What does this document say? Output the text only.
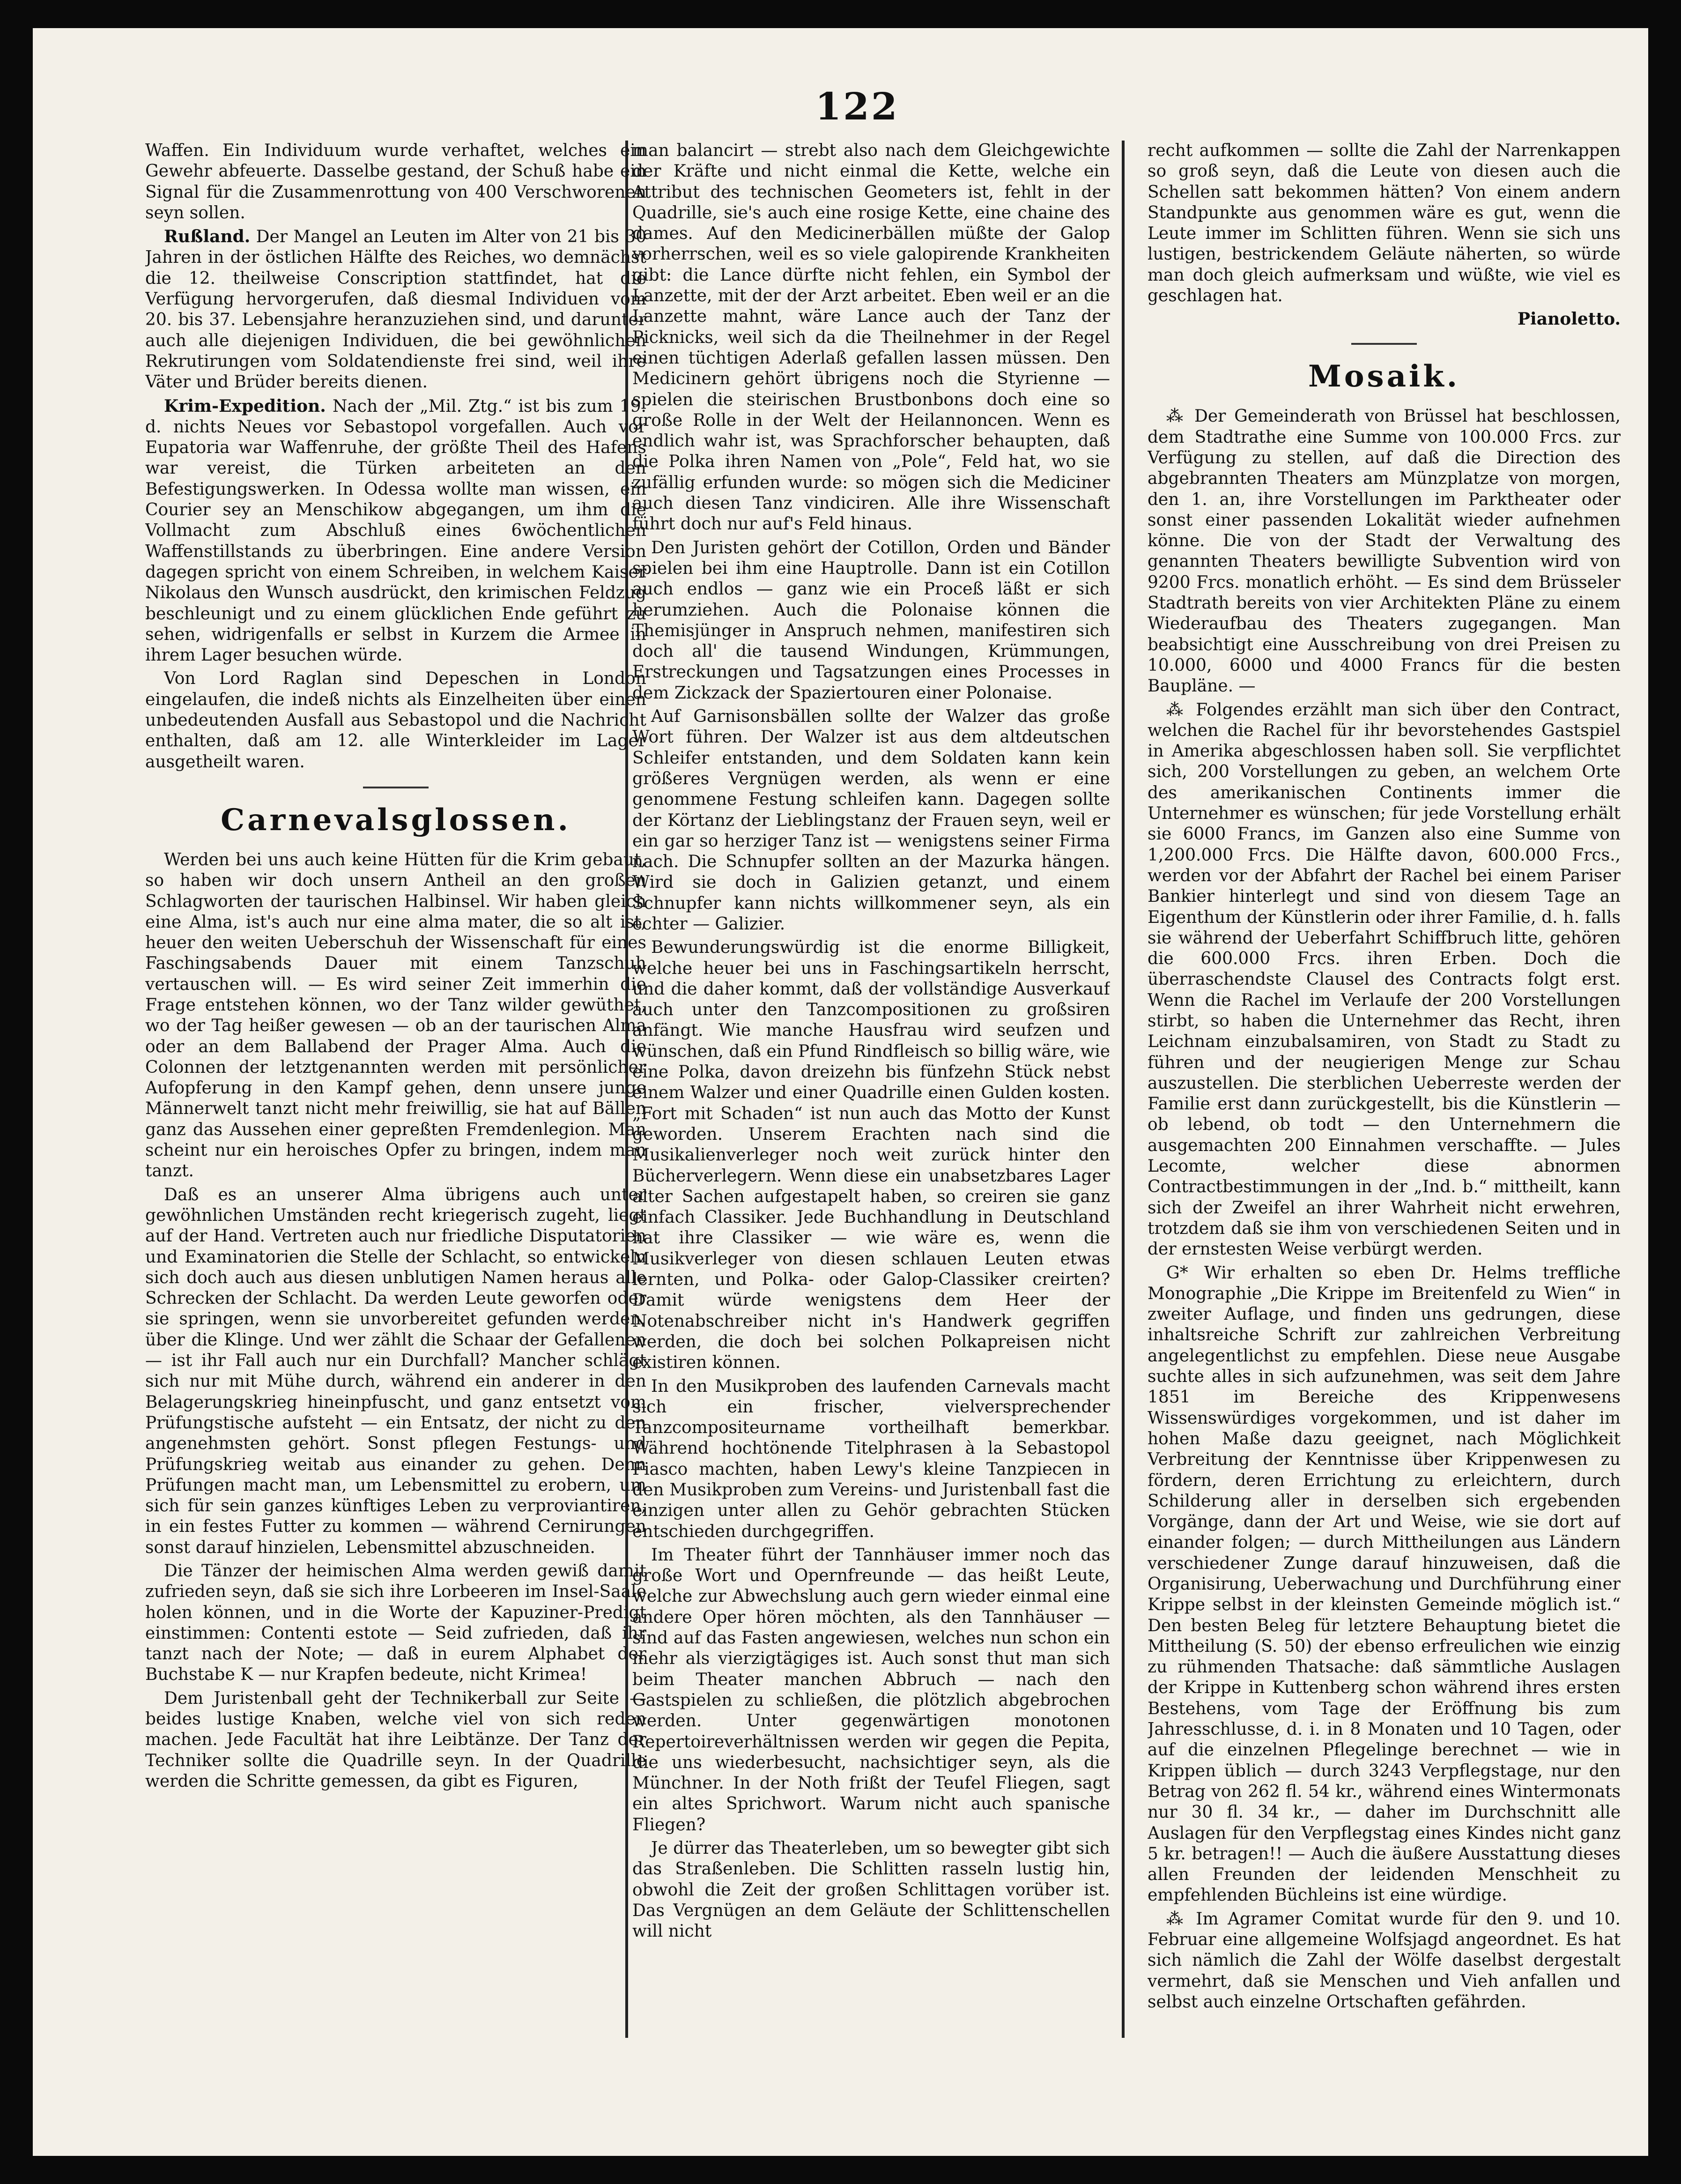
122

Waffen. Ein Individuum wurde verhaftet, welches ein Gewehr abfeuerte. Dasselbe gestand, der Schuß habe ein Signal für die Zusammenrottung von 400 Verschworenen seyn sollen.

Rußland. Der Mangel an Leuten im Alter von 21 bis 30 Jahren in der östlichen Hälfte des Reiches, wo demnächst die 12. theilweise Conscription stattfindet, hat die Verfügung hervorgerufen, daß diesmal Individuen vom 20. bis 37. Lebensjahre heranzuziehen sind, und darunter auch alle diejenigen Individuen, die bei gewöhnlichen Rekrutirungen vom Soldatendienste frei sind, weil ihre Väter und Brüder bereits dienen.

Krim-Expedition. Nach der „Mil. Ztg.“ ist bis zum 19. d. nichts Neues vor Sebastopol vorgefallen. Auch vor Eupatoria war Waffenruhe, der größte Theil des Hafens war vereist, die Türken arbeiteten an den Befestigungswerken. In Odessa wollte man wissen, ein Courier sey an Menschikow abgegangen, um ihm die Vollmacht zum Abschluß eines 6wöchentlichen Waffenstillstands zu überbringen. Eine andere Version dagegen spricht von einem Schreiben, in welchem Kaiser Nikolaus den Wunsch ausdrückt, den krimischen Feldzug beschleunigt und zu einem glücklichen Ende geführt zu sehen, widrigenfalls er selbst in Kurzem die Armee in ihrem Lager besuchen würde.

Von Lord Raglan sind Depeschen in London eingelaufen, die indeß nichts als Einzelheiten über einen unbedeutenden Ausfall aus Sebastopol und die Nachricht enthalten, daß am 12. alle Winterkleider im Lager ausgetheilt waren.

Carnevalsglossen.

Werden bei uns auch keine Hütten für die Krim gebaut, so haben wir doch unsern Antheil an den großen Schlagworten der taurischen Halbinsel. Wir haben gleich eine Alma, ist's auch nur eine alma mater, die so alt ist, heuer den weiten Ueberschuh der Wissenschaft für eines Faschingsabends Dauer mit einem Tanzschuh vertauschen will. — Es wird seiner Zeit immerhin die Frage entstehen können, wo der Tanz wilder gewüthet, wo der Tag heißer gewesen — ob an der taurischen Alma oder an dem Ballabend der Prager Alma. Auch die Colonnen der letztgenannten werden mit persönlicher Aufopferung in den Kampf gehen, denn unsere junge Männerwelt tanzt nicht mehr freiwillig, sie hat auf Bällen ganz das Aussehen einer gepreßten Fremdenlegion. Man scheint nur ein heroisches Opfer zu bringen, indem man tanzt.

Daß es an unserer Alma übrigens auch unter gewöhnlichen Umständen recht kriegerisch zugeht, liegt auf der Hand. Vertreten auch nur friedliche Disputatorien und Examinatorien die Stelle der Schlacht, so entwickeln sich doch auch aus diesen unblutigen Namen heraus alle Schrecken der Schlacht. Da werden Leute geworfen oder sie springen, wenn sie unvorbereitet gefunden werden, über die Klinge. Und wer zählt die Schaar der Gefallenen — ist ihr Fall auch nur ein Durchfall? Mancher schlägt sich nur mit Mühe durch, während ein anderer in den Belagerungskrieg hineinpfuscht, und ganz entsetzt vom Prüfungstische aufsteht — ein Entsatz, der nicht zu den angenehmsten gehört. Sonst pflegen Festungs- und Prüfungskrieg weitab aus einander zu gehen. Denn Prüfungen macht man, um Lebensmittel zu erobern, um sich für sein ganzes künftiges Leben zu verproviantiren, in ein festes Futter zu kommen — während Cernirungen sonst darauf hinzielen, Lebensmittel abzuschneiden.

Die Tänzer der heimischen Alma werden gewiß damit zufrieden seyn, daß sie sich ihre Lorbeeren im Insel-Saale holen können, und in die Worte der Kapuziner-Predigt einstimmen: Contenti estote — Seid zufrieden, daß ihr tanzt nach der Note; — daß in eurem Alphabet der Buchstabe K — nur Krapfen bedeute, nicht Krimea!

Dem Juristenball geht der Technikerball zur Seite — beides lustige Knaben, welche viel von sich reden machen. Jede Facultät hat ihre Leibtänze. Der Tanz der Techniker sollte die Quadrille seyn. In der Quadrille werden die Schritte gemessen, da gibt es Figuren,

man balancirt — strebt also nach dem Gleichgewichte der Kräfte und nicht einmal die Kette, welche ein Attribut des technischen Geometers ist, fehlt in der Quadrille, sie's auch eine rosige Kette, eine chaine des dames. Auf den Medicinerbällen müßte der Galop vorherrschen, weil es so viele galopirende Krankheiten gibt: die Lance dürfte nicht fehlen, ein Symbol der Lanzette, mit der der Arzt arbeitet. Eben weil er an die Lanzette mahnt, wäre Lance auch der Tanz der Picknicks, weil sich da die Theilnehmer in der Regel einen tüchtigen Aderlaß gefallen lassen müssen. Den Medicinern gehört übrigens noch die Styrienne — spielen die steirischen Brustbonbons doch eine so große Rolle in der Welt der Heilannoncen. Wenn es endlich wahr ist, was Sprachforscher behaupten, daß die Polka ihren Namen von „Pole“, Feld hat, wo sie zufällig erfunden wurde: so mögen sich die Mediciner auch diesen Tanz vindiciren. Alle ihre Wissenschaft führt doch nur auf's Feld hinaus.

Den Juristen gehört der Cotillon, Orden und Bänder spielen bei ihm eine Hauptrolle. Dann ist ein Cotillon auch endlos — ganz wie ein Proceß läßt er sich herumziehen. Auch die Polonaise können die Themisjünger in Anspruch nehmen, manifestiren sich doch all' die tausend Windungen, Krümmungen, Erstreckungen und Tagsatzungen eines Processes in dem Zickzack der Spaziertouren einer Polonaise.

Auf Garnisonsbällen sollte der Walzer das große Wort führen. Der Walzer ist aus dem altdeutschen Schleifer entstanden, und dem Soldaten kann kein größeres Vergnügen werden, als wenn er eine genommene Festung schleifen kann. Dagegen sollte der Körtanz der Lieblingstanz der Frauen seyn, weil er ein gar so herziger Tanz ist — wenigstens seiner Firma nach. Die Schnupfer sollten an der Mazurka hängen. Wird sie doch in Galizien getanzt, und einem Schnupfer kann nichts willkommener seyn, als ein echter — Galizier.

Bewunderungswürdig ist die enorme Billigkeit, welche heuer bei uns in Faschingsartikeln herrscht, und die daher kommt, daß der vollständige Ausverkauf auch unter den Tanzcompositionen zu großsiren anfängt. Wie manche Hausfrau wird seufzen und wünschen, daß ein Pfund Rindfleisch so billig wäre, wie eine Polka, davon dreizehn bis fünfzehn Stück nebst einem Walzer und einer Quadrille einen Gulden kosten. „Fort mit Schaden“ ist nun auch das Motto der Kunst geworden. Unserem Erachten nach sind die Musikalienverleger noch weit zurück hinter den Bücherverlegern. Wenn diese ein unabsetzbares Lager alter Sachen aufgestapelt haben, so creiren sie ganz einfach Classiker. Jede Buchhandlung in Deutschland hat ihre Classiker — wie wäre es, wenn die Musikverleger von diesen schlauen Leuten etwas lernten, und Polka- oder Galop-Classiker creirten? Damit würde wenigstens dem Heer der Notenabschreiber nicht in's Handwerk gegriffen werden, die doch bei solchen Polkapreisen nicht existiren können.

In den Musikproben des laufenden Carnevals macht sich ein frischer, vielversprechender Tanzcompositeurname vortheilhaft bemerkbar. Während hochtönende Titelphrasen à la Sebastopol Fiasco machten, haben Lewy's kleine Tanzpiecen in den Musikproben zum Vereins- und Juristenball fast die einzigen unter allen zu Gehör gebrachten Stücken entschieden durchgegriffen.

Im Theater führt der Tannhäuser immer noch das große Wort und Opernfreunde — das heißt Leute, welche zur Abwechslung auch gern wieder einmal eine andere Oper hören möchten, als den Tannhäuser — sind auf das Fasten angewiesen, welches nun schon ein mehr als vierzigtägiges ist. Auch sonst thut man sich beim Theater manchen Abbruch — nach den Gastspielen zu schließen, die plötzlich abgebrochen werden. Unter gegenwärtigen monotonen Repertoireverhältnissen werden wir gegen die Pepita, die uns wiederbesucht, nachsichtiger seyn, als die Münchner. In der Noth frißt der Teufel Fliegen, sagt ein altes Sprichwort. Warum nicht auch spanische Fliegen?

Je dürrer das Theaterleben, um so bewegter gibt sich das Straßenleben. Die Schlitten rasseln lustig hin, obwohl die Zeit der großen Schlittagen vorüber ist. Das Vergnügen an dem Geläute der Schlittenschellen will nicht

recht aufkommen — sollte die Zahl der Narrenkappen so groß seyn, daß die Leute von diesen auch die Schellen satt bekommen hätten? Von einem andern Standpunkte aus genommen wäre es gut, wenn die Leute immer im Schlitten führen. Wenn sie sich uns lustigen, bestrickendem Geläute näherten, so würde man doch gleich aufmerksam und wüßte, wie viel es geschlagen hat.

Pianoletto.
Mosaik.

⁂ Der Gemeinderath von Brüssel hat beschlossen, dem Stadtrathe eine Summe von 100.000 Frcs. zur Verfügung zu stellen, auf daß die Direction des abgebrannten Theaters am Münzplatze von morgen, den 1. an, ihre Vorstellungen im Parktheater oder sonst einer passenden Lokalität wieder aufnehmen könne. Die von der Stadt der Verwaltung des genannten Theaters bewilligte Subvention wird von 9200 Frcs. monatlich erhöht. — Es sind dem Brüsseler Stadtrath bereits von vier Architekten Pläne zu einem Wiederaufbau des Theaters zugegangen. Man beabsichtigt eine Ausschreibung von drei Preisen zu 10.000, 6000 und 4000 Francs für die besten Baupläne. —

⁂ Folgendes erzählt man sich über den Contract, welchen die Rachel für ihr bevorstehendes Gastspiel in Amerika abgeschlossen haben soll. Sie verpflichtet sich, 200 Vorstellungen zu geben, an welchem Orte des amerikanischen Continents immer die Unternehmer es wünschen; für jede Vorstellung erhält sie 6000 Francs, im Ganzen also eine Summe von 1,200.000 Frcs. Die Hälfte davon, 600.000 Frcs., werden vor der Abfahrt der Rachel bei einem Pariser Bankier hinterlegt und sind von diesem Tage an Eigenthum der Künstlerin oder ihrer Familie, d. h. falls sie während der Ueberfahrt Schiffbruch litte, gehören die 600.000 Frcs. ihren Erben. Doch die überraschendste Clausel des Contracts folgt erst. Wenn die Rachel im Verlaufe der 200 Vorstellungen stirbt, so haben die Unternehmer das Recht, ihren Leichnam einzubalsamiren, von Stadt zu Stadt zu führen und der neugierigen Menge zur Schau auszustellen. Die sterblichen Ueberreste werden der Familie erst dann zurückgestellt, bis die Künstlerin — ob lebend, ob todt — den Unternehmern die ausgemachten 200 Einnahmen verschaffte. — Jules Lecomte, welcher diese abnormen Contractbestimmungen in der „Ind. b.“ mittheilt, kann sich der Zweifel an ihrer Wahrheit nicht erwehren, trotzdem daß sie ihm von verschiedenen Seiten und in der ernstesten Weise verbürgt werden.

G* Wir erhalten so eben Dr. Helms treffliche Monographie „Die Krippe im Breitenfeld zu Wien“ in zweiter Auflage, und finden uns gedrungen, diese inhaltsreiche Schrift zur zahlreichen Verbreitung angelegentlichst zu empfehlen. Diese neue Ausgabe suchte alles in sich aufzunehmen, was seit dem Jahre 1851 im Bereiche des Krippenwesens Wissenswürdiges vorgekommen, und ist daher im hohen Maße dazu geeignet, nach Möglichkeit Verbreitung der Kenntnisse über Krippenwesen zu fördern, deren Errichtung zu erleichtern, durch Schilderung aller in derselben sich ergebenden Vorgänge, dann der Art und Weise, wie sie dort auf einander folgen; — durch Mittheilungen aus Ländern verschiedener Zunge darauf hinzuweisen, daß die Organisirung, Ueberwachung und Durchführung einer Krippe selbst in der kleinsten Gemeinde möglich ist.“ Den besten Beleg für letztere Behauptung bietet die Mittheilung (S. 50) der ebenso erfreulichen wie einzig zu rühmenden Thatsache: daß sämmtliche Auslagen der Krippe in Kuttenberg schon während ihres ersten Bestehens, vom Tage der Eröffnung bis zum Jahresschlusse, d. i. in 8 Monaten und 10 Tagen, oder auf die einzelnen Pflegelinge berechnet — wie in Krippen üblich — durch 3243 Verpflegstage, nur den Betrag von 262 fl. 54 kr., während eines Wintermonats nur 30 fl. 34 kr., — daher im Durchschnitt alle Auslagen für den Verpflegstag eines Kindes nicht ganz 5 kr. betragen!! — Auch die äußere Ausstattung dieses allen Freunden der leidenden Menschheit zu empfehlenden Büchleins ist eine würdige.

⁂ Im Agramer Comitat wurde für den 9. und 10. Februar eine allgemeine Wolfsjagd angeordnet. Es hat sich nämlich die Zahl der Wölfe daselbst dergestalt vermehrt, daß sie Menschen und Vieh anfallen und selbst auch einzelne Ortschaften gefährden.
